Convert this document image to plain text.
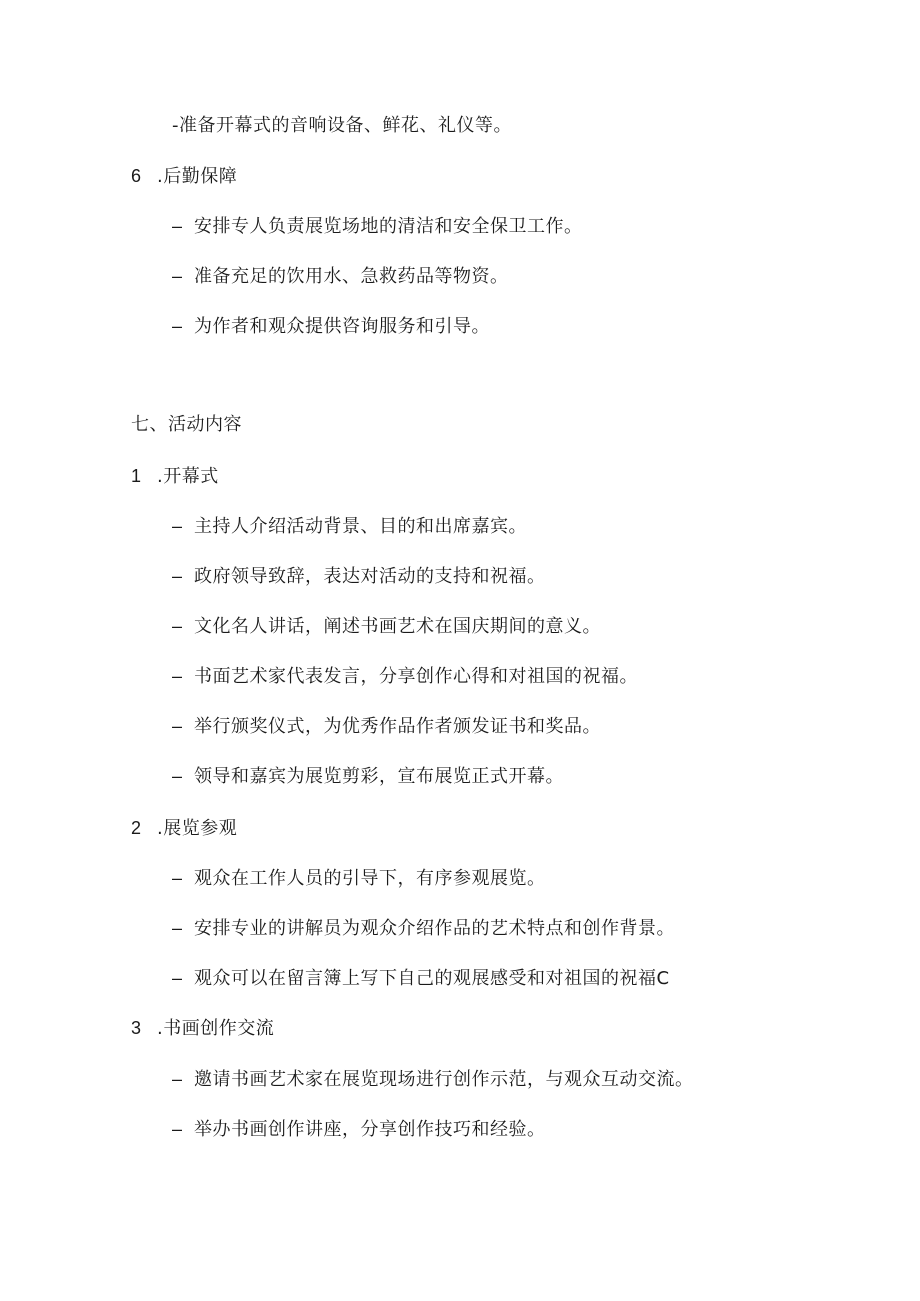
-准备开幕式的音响设备、鲜花、礼仪等。
6 .后勤保障
– 安排专人负责展览场地的清洁和安全保卫工作。
– 准备充足的饮用水、急救药品等物资。
– 为作者和观众提供咨询服务和引导。
七、活动内容
1 .开幕式
– 主持人介绍活动背景、目的和出席嘉宾。
– 政府领导致辞，表达对活动的支持和祝福。
– 文化名人讲话，阐述书画艺术在国庆期间的意义。
– 书面艺术家代表发言，分享创作心得和对祖国的祝福。
– 举行颁奖仪式，为优秀作品作者颁发证书和奖品。
– 领导和嘉宾为展览剪彩，宣布展览正式开幕。
2 .展览参观
– 观众在工作人员的引导下，有序参观展览。
– 安排专业的讲解员为观众介绍作品的艺术特点和创作背景。
– 观众可以在留言簿上写下自己的观展感受和对祖国的祝福C
3 .书画创作交流
– 邀请书画艺术家在展览现场进行创作示范，与观众互动交流。
– 举办书画创作讲座，分享创作技巧和经验。
